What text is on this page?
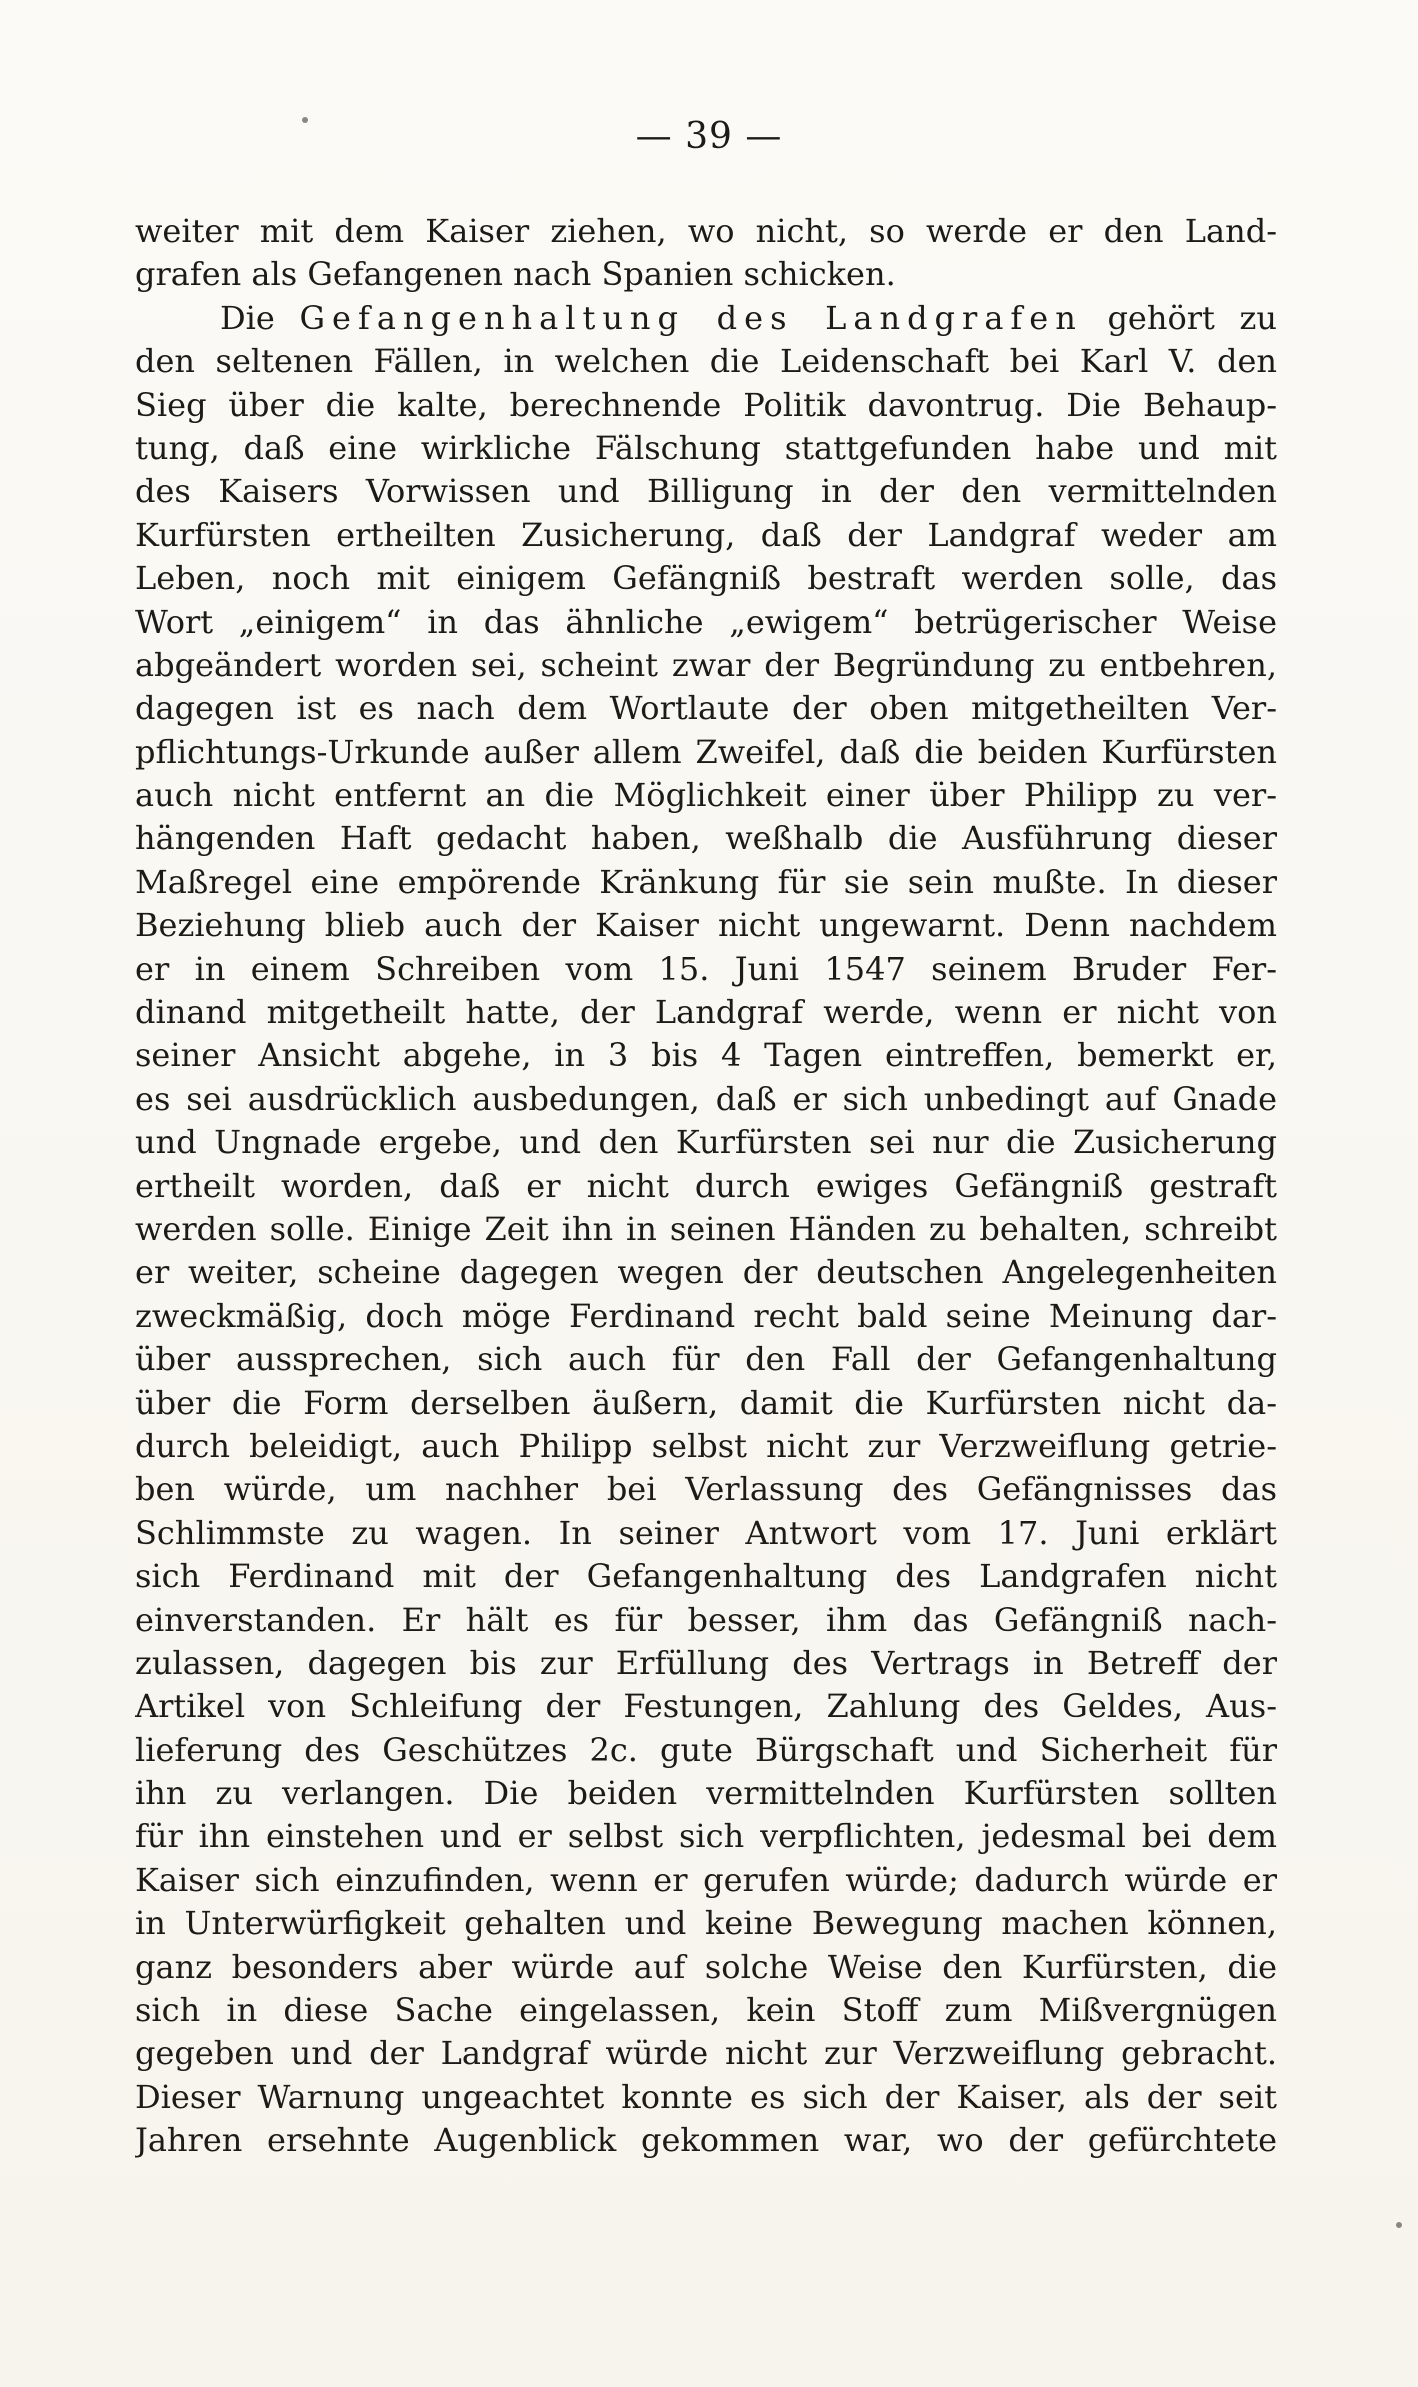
— 39 —
weiter mit dem Kaiser ziehen, wo nicht, so werde er den Land-
grafen als Gefangenen nach Spanien schicken.
Die Gefangenhaltung des Landgrafen gehört zu
den seltenen Fällen, in welchen die Leidenschaft bei Karl V. den
Sieg über die kalte, berechnende Politik davontrug. Die Behaup-
tung, daß eine wirkliche Fälschung stattgefunden habe und mit
des Kaisers Vorwissen und Billigung in der den vermittelnden
Kurfürsten ertheilten Zusicherung, daß der Landgraf weder am
Leben, noch mit einigem Gefängniß bestraft werden solle, das
Wort „einigem“ in das ähnliche „ewigem“ betrügerischer Weise
abgeändert worden sei, scheint zwar der Begründung zu entbehren,
dagegen ist es nach dem Wortlaute der oben mitgetheilten Ver-
pflichtungs-Urkunde außer allem Zweifel, daß die beiden Kurfürsten
auch nicht entfernt an die Möglichkeit einer über Philipp zu ver-
hängenden Haft gedacht haben, weßhalb die Ausführung dieser
Maßregel eine empörende Kränkung für sie sein mußte. In dieser
Beziehung blieb auch der Kaiser nicht ungewarnt. Denn nachdem
er in einem Schreiben vom 15. Juni 1547 seinem Bruder Fer-
dinand mitgetheilt hatte, der Landgraf werde, wenn er nicht von
seiner Ansicht abgehe, in 3 bis 4 Tagen eintreffen, bemerkt er,
es sei ausdrücklich ausbedungen, daß er sich unbedingt auf Gnade
und Ungnade ergebe, und den Kurfürsten sei nur die Zusicherung
ertheilt worden, daß er nicht durch ewiges Gefängniß gestraft
werden solle. Einige Zeit ihn in seinen Händen zu behalten, schreibt
er weiter, scheine dagegen wegen der deutschen Angelegenheiten
zweckmäßig, doch möge Ferdinand recht bald seine Meinung dar-
über aussprechen, sich auch für den Fall der Gefangenhaltung
über die Form derselben äußern, damit die Kurfürsten nicht da-
durch beleidigt, auch Philipp selbst nicht zur Verzweiflung getrie-
ben würde, um nachher bei Verlassung des Gefängnisses das
Schlimmste zu wagen. In seiner Antwort vom 17. Juni erklärt
sich Ferdinand mit der Gefangenhaltung des Landgrafen nicht
einverstanden. Er hält es für besser, ihm das Gefängniß nach-
zulassen, dagegen bis zur Erfüllung des Vertrags in Betreff der
Artikel von Schleifung der Festungen, Zahlung des Geldes, Aus-
lieferung des Geschützes 2c. gute Bürgschaft und Sicherheit für
ihn zu verlangen. Die beiden vermittelnden Kurfürsten sollten
für ihn einstehen und er selbst sich verpflichten, jedesmal bei dem
Kaiser sich einzufinden, wenn er gerufen würde; dadurch würde er
in Unterwürfigkeit gehalten und keine Bewegung machen können,
ganz besonders aber würde auf solche Weise den Kurfürsten, die
sich in diese Sache eingelassen, kein Stoff zum Mißvergnügen
gegeben und der Landgraf würde nicht zur Verzweiflung gebracht.
Dieser Warnung ungeachtet konnte es sich der Kaiser, als der seit
Jahren ersehnte Augenblick gekommen war, wo der gefürchtete
